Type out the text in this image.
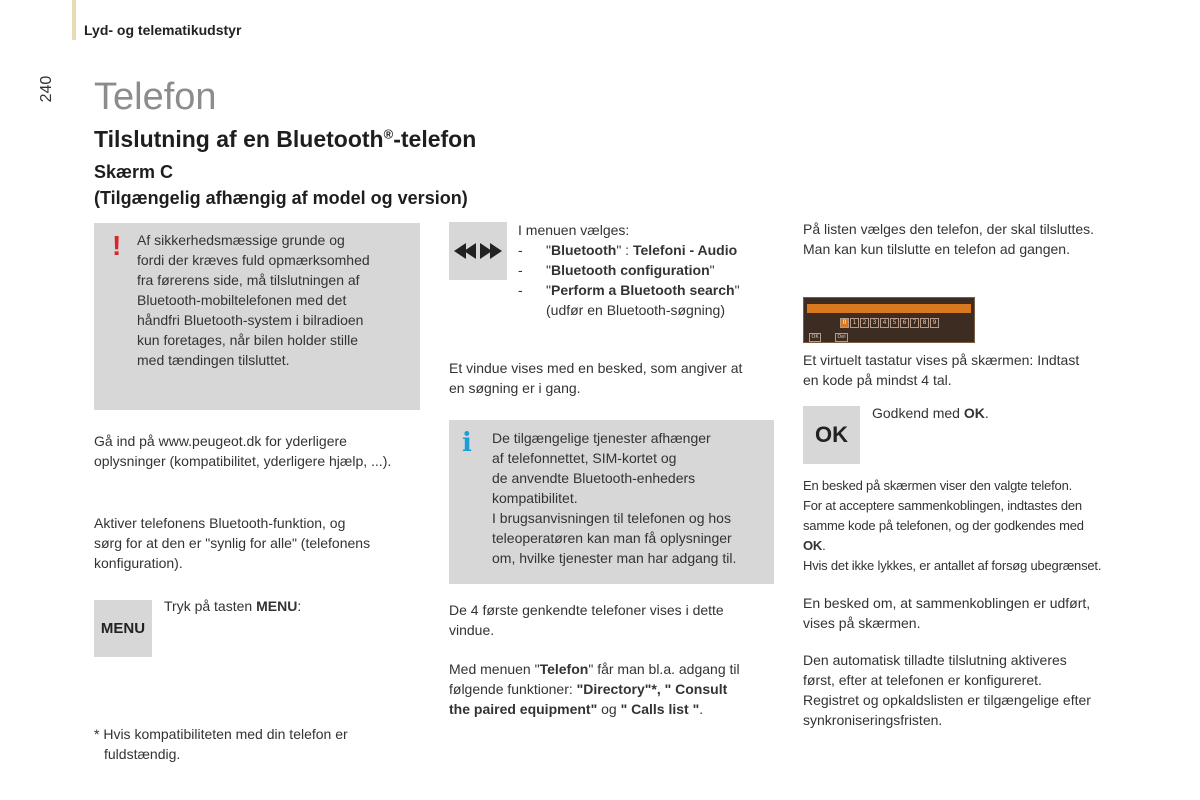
Lyd- og telematikudstyr
240 Telefon
Tilslutning af en Bluetooth®-telefon
Skærm C
(Tilgængelig afhængig af model og version)
! Af sikkerhedsmæssige grunde og
fordi der kræves fuld opmærksomhed
fra førerens side, må tilslutningen af
Bluetooth-mobiltelefonen med det
håndfri Bluetooth-system i bilradioen
kun foretages, når bilen holder stille
med tændingen tilsluttet.
Gå ind på www.peugeot.dk for yderligere
oplysninger (kompatibilitet, yderligere hjælp, ...).
Aktiver telefonens Bluetooth-funktion, og
sørg for at den er "synlig for alle" (telefonens
konfiguration).
MENU
Tryk på tasten MENU:
* Hvis kompatibiliteten med din telefon er
fuldstændig.
I menuen vælges:
-	"Bluetooth" : Telefoni - Audio
-	"Bluetooth configuration"
-	"Perform a Bluetooth search"
(udfør en Bluetooth-søgning)
Et vindue vises med en besked, som angiver at
en søgning er i gang.
i De tilgængelige tjenester afhænger
af telefonnettet, SIM-kortet og
de anvendte Bluetooth-enheders
kompatibilitet.
I brugsanvisningen til telefonen og hos
teleoperatøren kan man få oplysninger
om, hvilke tjenester man har adgang til.
De 4 første genkendte telefoner vises i dette
vindue.
Med menuen "Telefon" får man bl.a. adgang til
følgende funktioner: "Directory"*, " Consult
the paired equipment" og " Calls list ".
På listen vælges den telefon, der skal tilsluttes.
Man kan kun tilslutte en telefon ad gangen.
0	1	2	3	4	5	6	7	8	9
OK	Del
Et virtuelt tastatur vises på skærmen: Indtast
en kode på mindst 4 tal.
OK
Godkend med OK.
En besked på skærmen viser den valgte telefon.
For at acceptere sammenkoblingen, indtastes den
samme kode på telefonen, og der godkendes med
OK.
Hvis det ikke lykkes, er antallet af forsøg ubegrænset.
En besked om, at sammenkoblingen er udført,
vises på skærmen.
Den automatisk tilladte tilslutning aktiveres
først, efter at telefonen er konfigureret.
Registret og opkaldslisten er tilgængelige efter
synkroniseringsfristen.
